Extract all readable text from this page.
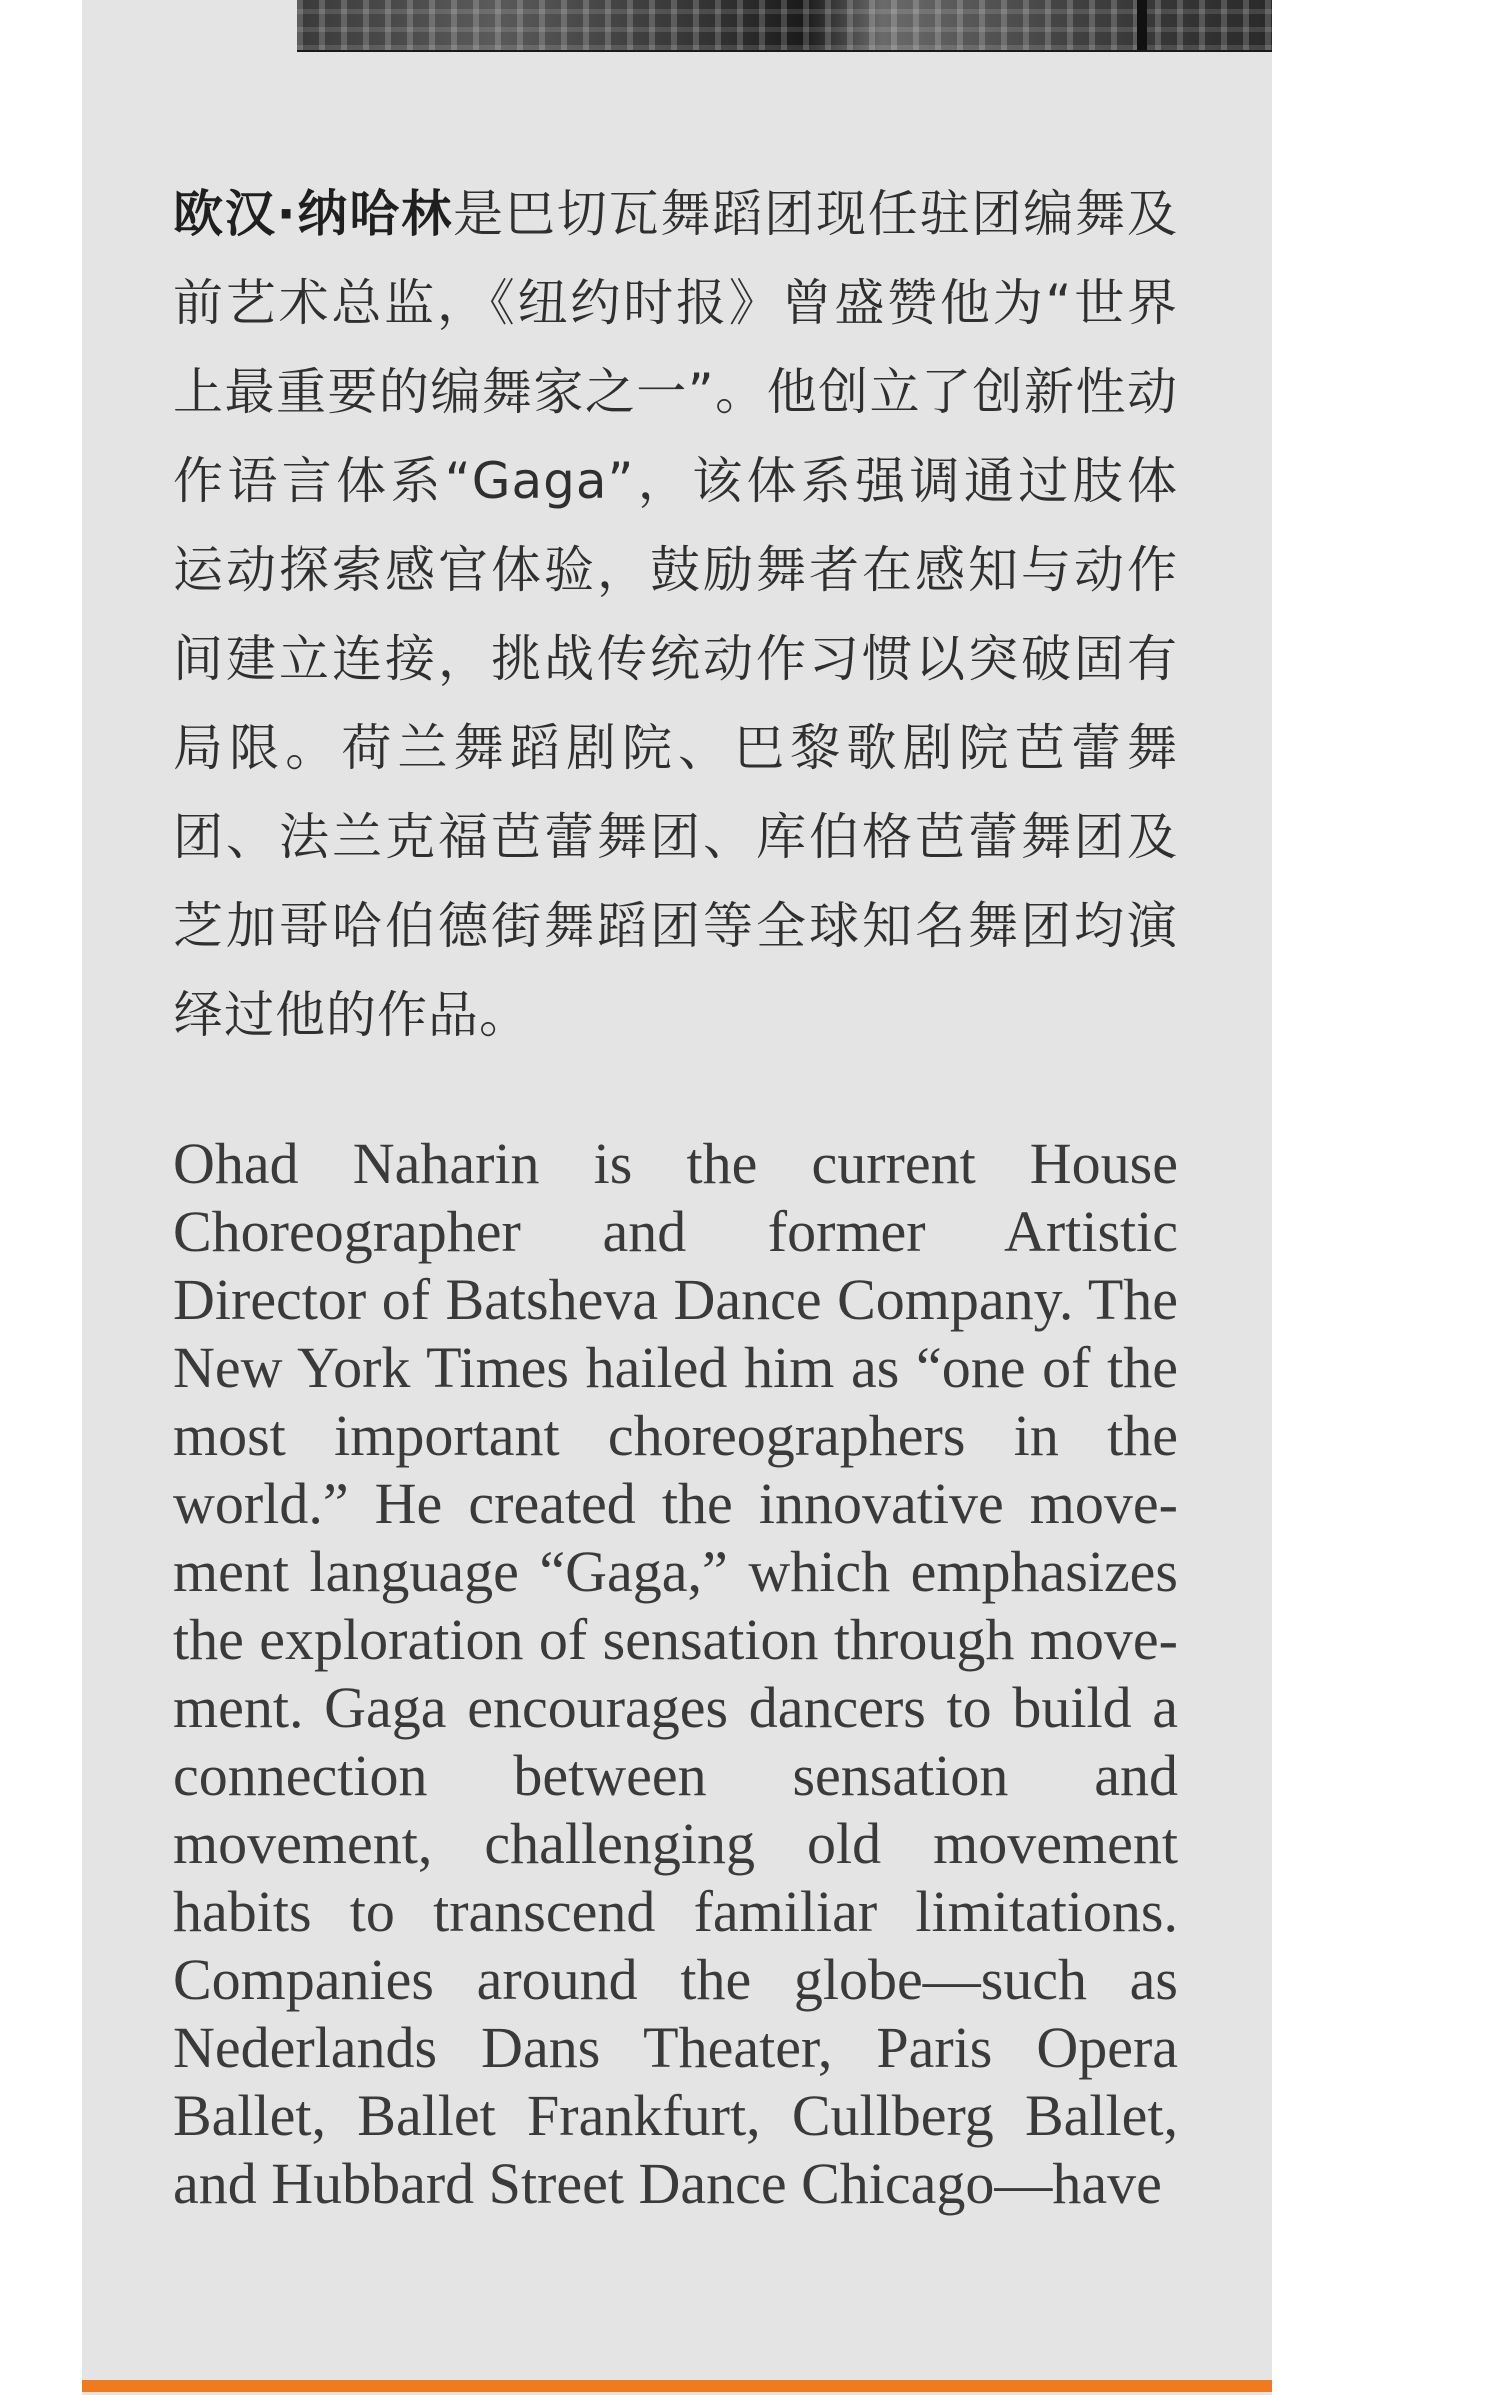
欧汉·纳哈林是巴切瓦舞蹈团现任驻团编舞及前艺术总监，《纽约时报》曾盛赞他为“世界上最重要的编舞家之一”。他创立了创新性动作语言体系“Gaga”，该体系强调通过肢体运动探索感官体验，鼓励舞者在感知与动作间建立连接，挑战传统动作习惯以突破固有局限。荷兰舞蹈剧院、巴黎歌剧院芭蕾舞团、法兰克福芭蕾舞团、库伯格芭蕾舞团及芝加哥哈伯德街舞蹈团等全球知名舞团均演绎过他的作品。

Ohad Naharin is the current House Choreographer and former Artistic Director of Batsheva Dance Company. The New York Times hailed him as “one of the most important choreographers in the world.” He created the innovative movement language “Gaga,” which emphasizes the exploration of sensation through movement. Gaga encourages dancers to build a connection between sensation and movement, challenging old movement habits to transcend familiar limitations. Companies around the globe—such as Nederlands Dans Theater, Paris Opera Ballet, Ballet Frankfurt, Cullberg Ballet, and Hubbard Street Dance Chicago—have
